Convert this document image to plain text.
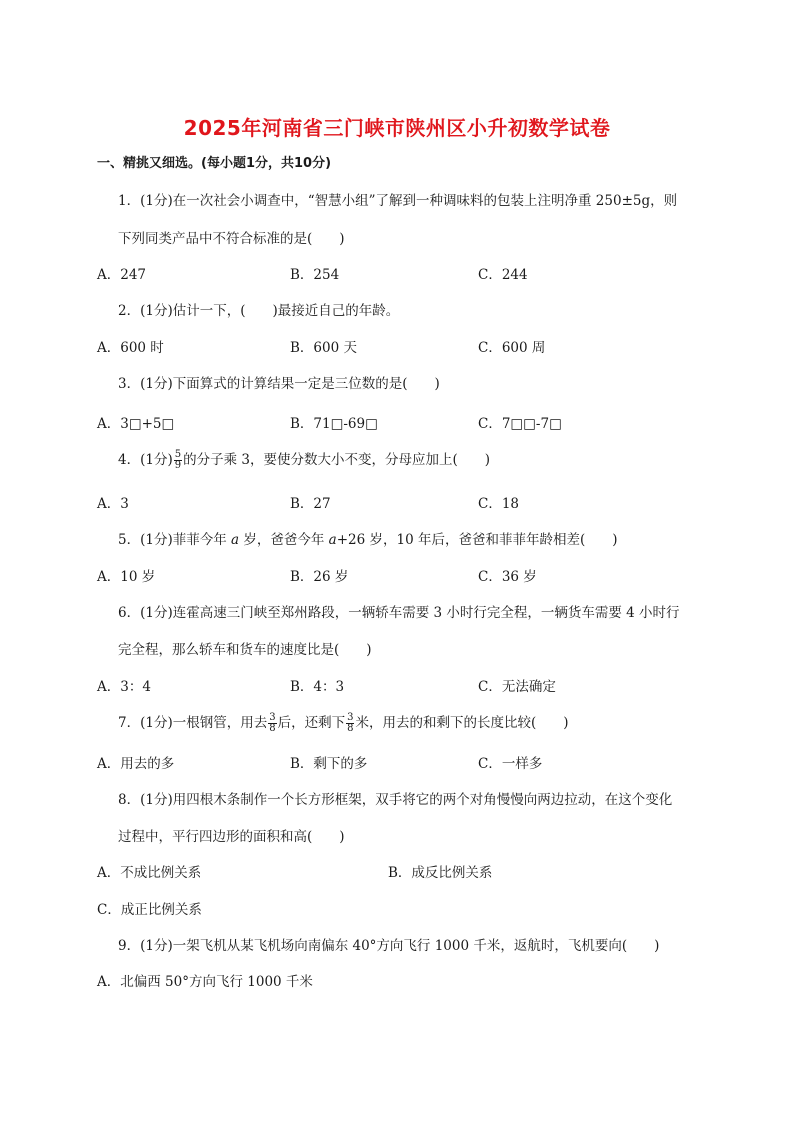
2025年河南省三门峡市陕州区小升初数学试卷
一、精挑又细选。(每小题1分，共10分)
1．(1分)在一次社会小调查中，“智慧小组”了解到一种调味料的包装上注明净重 250±5g，则
下列同类产品中不符合标准的是(　　)
A．247	B．254	C．244
2．(1分)估计一下，(　　)最接近自己的年龄。
A．600 时	B．600 天	C．600 周
3．(1分)下面算式的计算结果一定是三位数的是(　　)
A．3□+5□	B．71□-69□	C．7□□-7□
4．(1分) $\frac{5}{9}$ 的分子乘 3，要使分数大小不变，分母应加上(　　)
A．3	B．27	C．18
5．(1分)菲菲今年 a 岁，爸爸今年 a+26 岁，10 年后，爸爸和菲菲年龄相差(　　)
A．10 岁	B．26 岁	C．36 岁
6．(1分)连霍高速三门峡至郑州路段，一辆轿车需要 3 小时行完全程，一辆货车需要 4 小时行
完全程，那么轿车和货车的速度比是(　　)
A．3：4	B．4：3	C．无法确定
7．(1分)一根钢管，用去 $\frac{3}{8}$ 后，还剩下 $\frac{3}{8}$ 米，用去的和剩下的长度比较(　　)
A．用去的多	B．剩下的多	C．一样多
8．(1分)用四根木条制作一个长方形框架，双手将它的两个对角慢慢向两边拉动，在这个变化
过程中，平行四边形的面积和高(　　)
A．不成比例关系	B．成反比例关系
C．成正比例关系
9．(1分)一架飞机从某飞机场向南偏东 40°方向飞行 1000 千米，返航时，飞机要向(　　)
A．北偏西 50°方向飞行 1000 千米
